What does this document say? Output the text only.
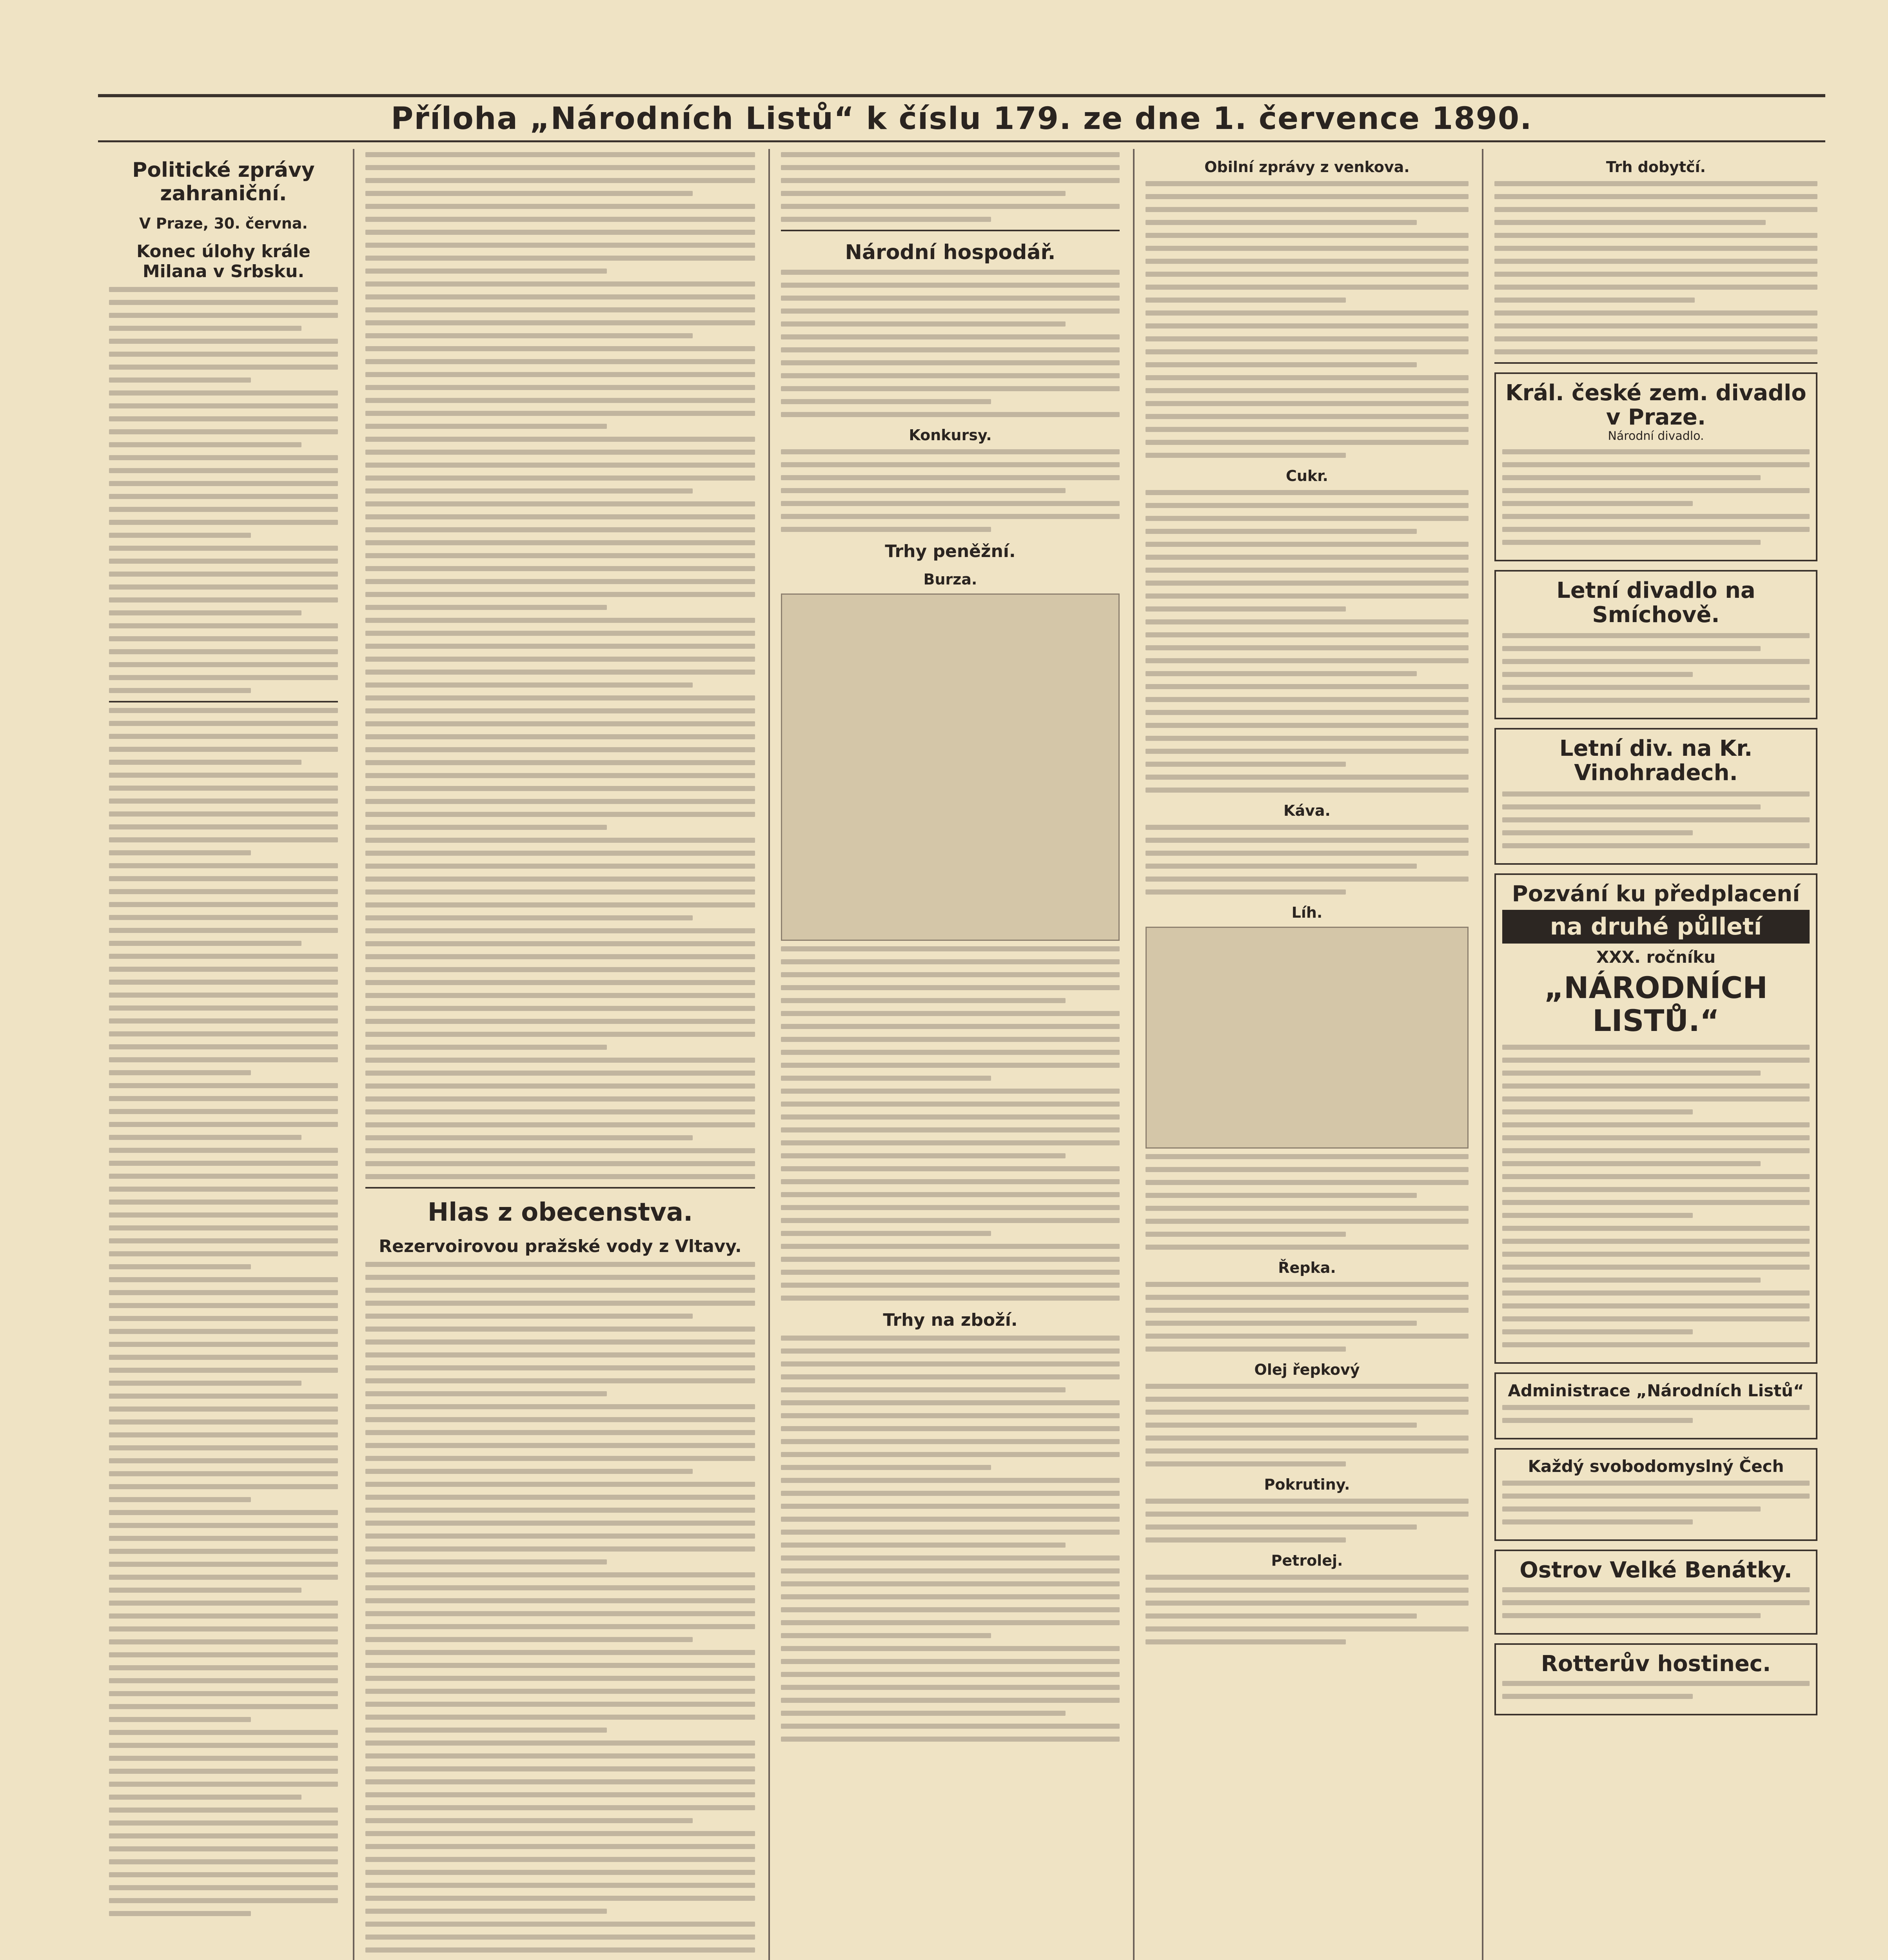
Příloha „Národních Listů“ k číslu 179. ze dne 1. července 1890.
Politické zprávy zahraniční.
V Praze, 30. června.
Konec úlohy krále Milana v Srbsku.
Hlas z obecenstva.
Rezervoirovou pražské vody z Vltavy.
Národní hospodář.
Konkursy.
Trhy peněžní.
Burza.
Trhy na zboží.
Obilní zprávy z venkova.
Cukr.
Káva.
Líh.
Řepka.
Olej řepkový
Pokrutiny.
Petrolej.
Trh dobytčí.
Král. české zem. divadlo v Praze.
Národní divadlo.
Letní divadlo na Smíchově.
Letní div. na Kr. Vinohradech.
Pozvání ku předplacení
na druhé půlletí
XXX. ročníku
„NÁRODNÍCH LISTŮ.“
Administrace „Národních Listů“
Každý svobodomyslný Čech
Ostrov Velké Benátky.
Rotterův hostinec.
